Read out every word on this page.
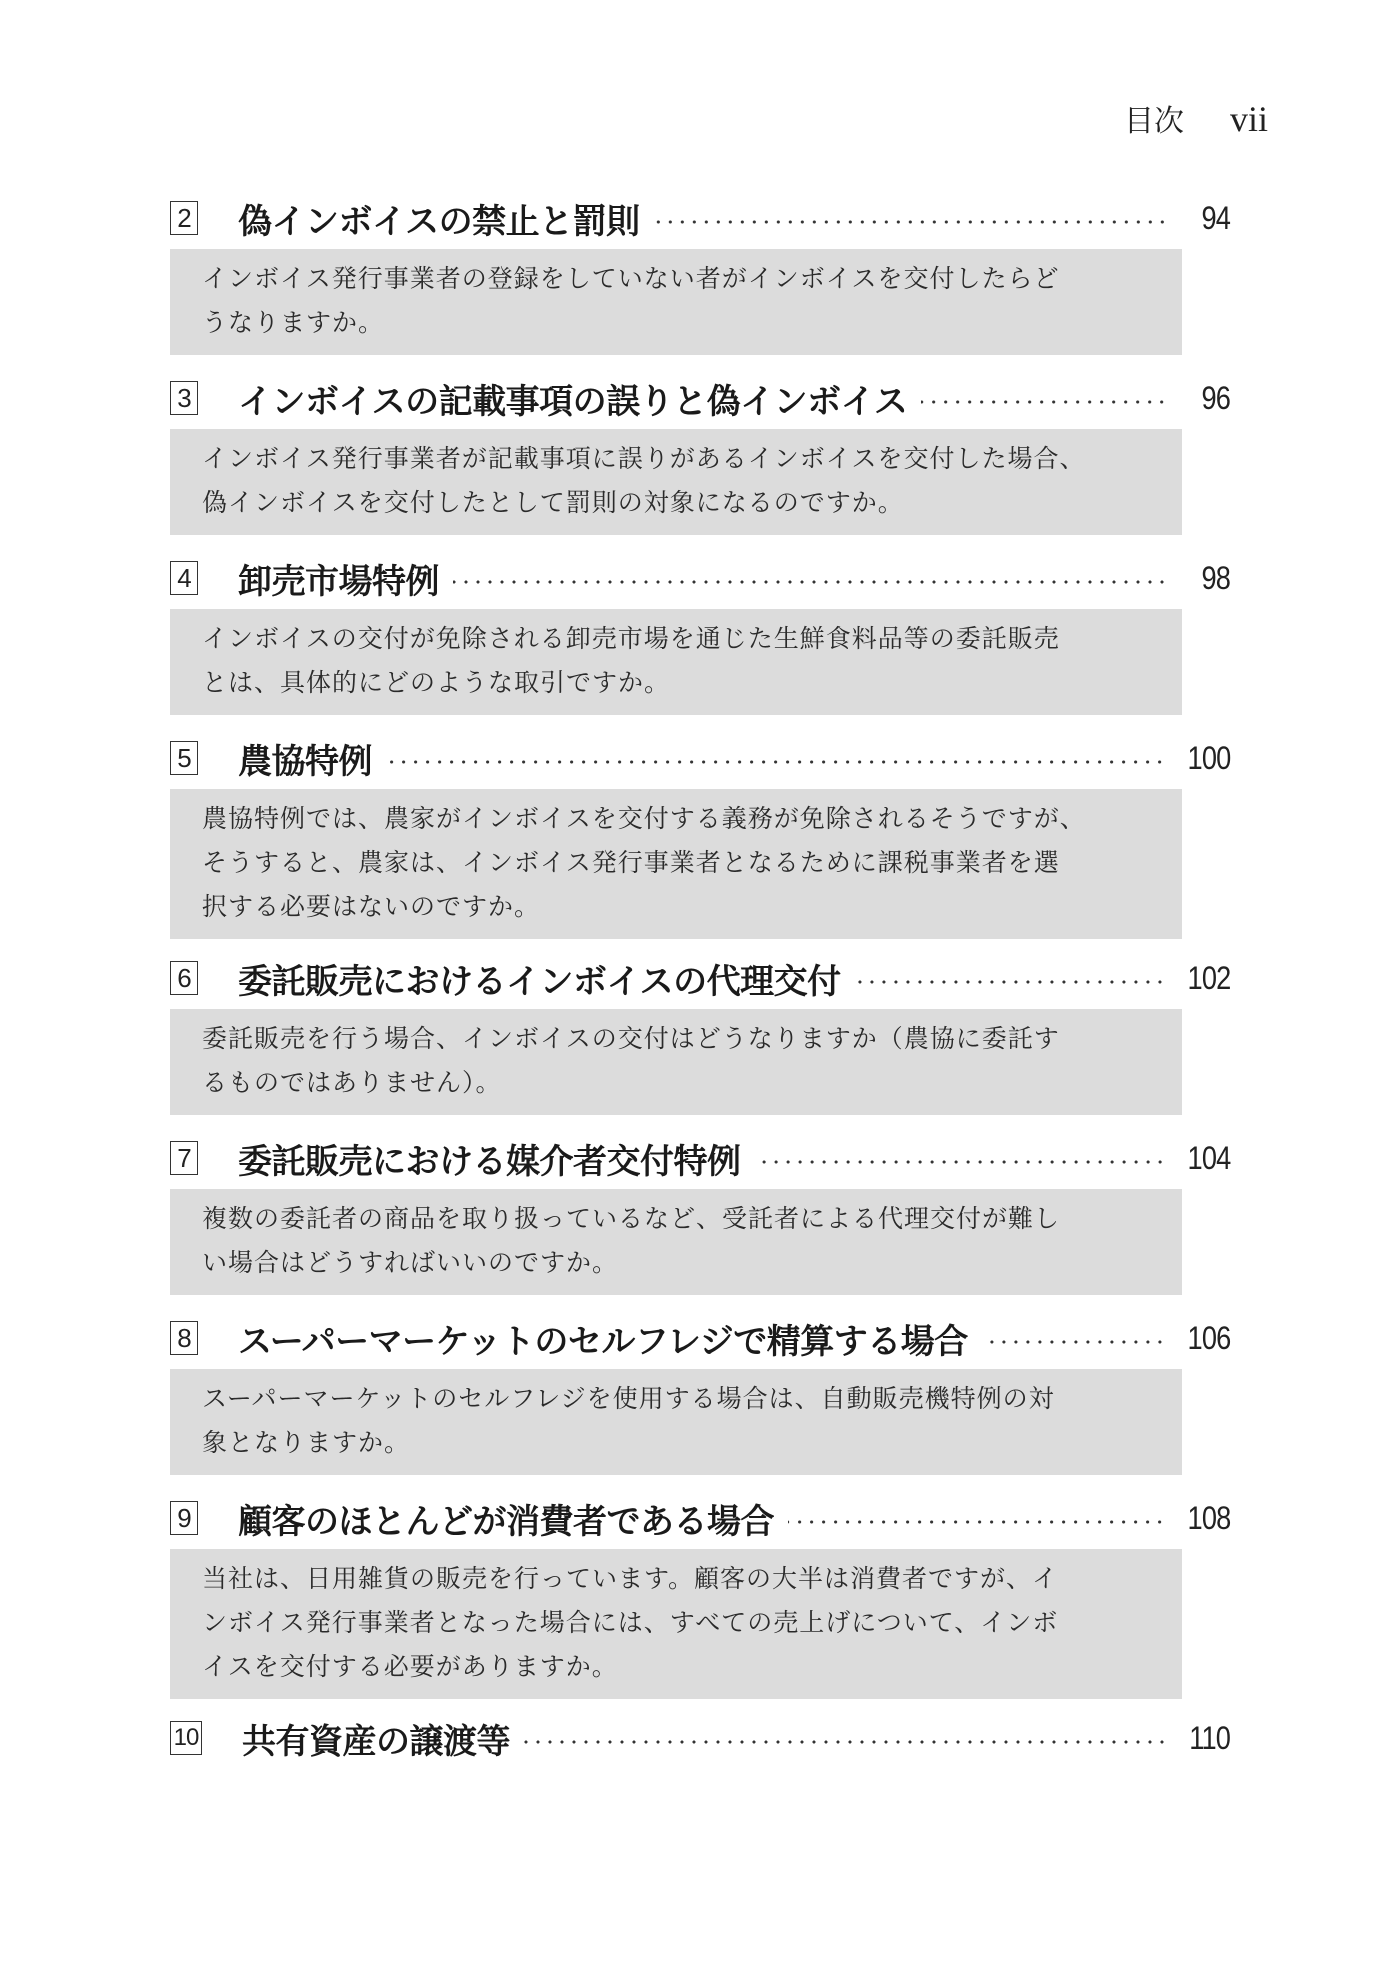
目次 vii
2 偽インボイスの禁止と罰則	94
インボイス発行事業者の登録をしていない者がインボイスを交付したらど
うなりますか。
3 インボイスの記載事項の誤りと偽インボイス	96
インボイス発行事業者が記載事項に誤りがあるインボイスを交付した場合、
偽インボイスを交付したとして罰則の対象になるのですか。
4 卸売市場特例	98
インボイスの交付が免除される卸売市場を通じた生鮮食料品等の委託販売
とは、具体的にどのような取引ですか。
5 農協特例	100
農協特例では、農家がインボイスを交付する義務が免除されるそうですが、
そうすると、農家は、インボイス発行事業者となるために課税事業者を選
択する必要はないのですか。
6 委託販売におけるインボイスの代理交付	102
委託販売を行う場合、インボイスの交付はどうなりますか（農協に委託す
るものではありません）。
7 委託販売における媒介者交付特例	104
複数の委託者の商品を取り扱っているなど、受託者による代理交付が難し
い場合はどうすればいいのですか。
8 スーパーマーケットのセルフレジで精算する場合	106
スーパーマーケットのセルフレジを使用する場合は、自動販売機特例の対
象となりますか。
9 顧客のほとんどが消費者である場合	108
当社は、日用雑貨の販売を行っています。顧客の大半は消費者ですが、イ
ンボイス発行事業者となった場合には、すべての売上げについて、インボ
イスを交付する必要がありますか。
10 共有資産の譲渡等	110
